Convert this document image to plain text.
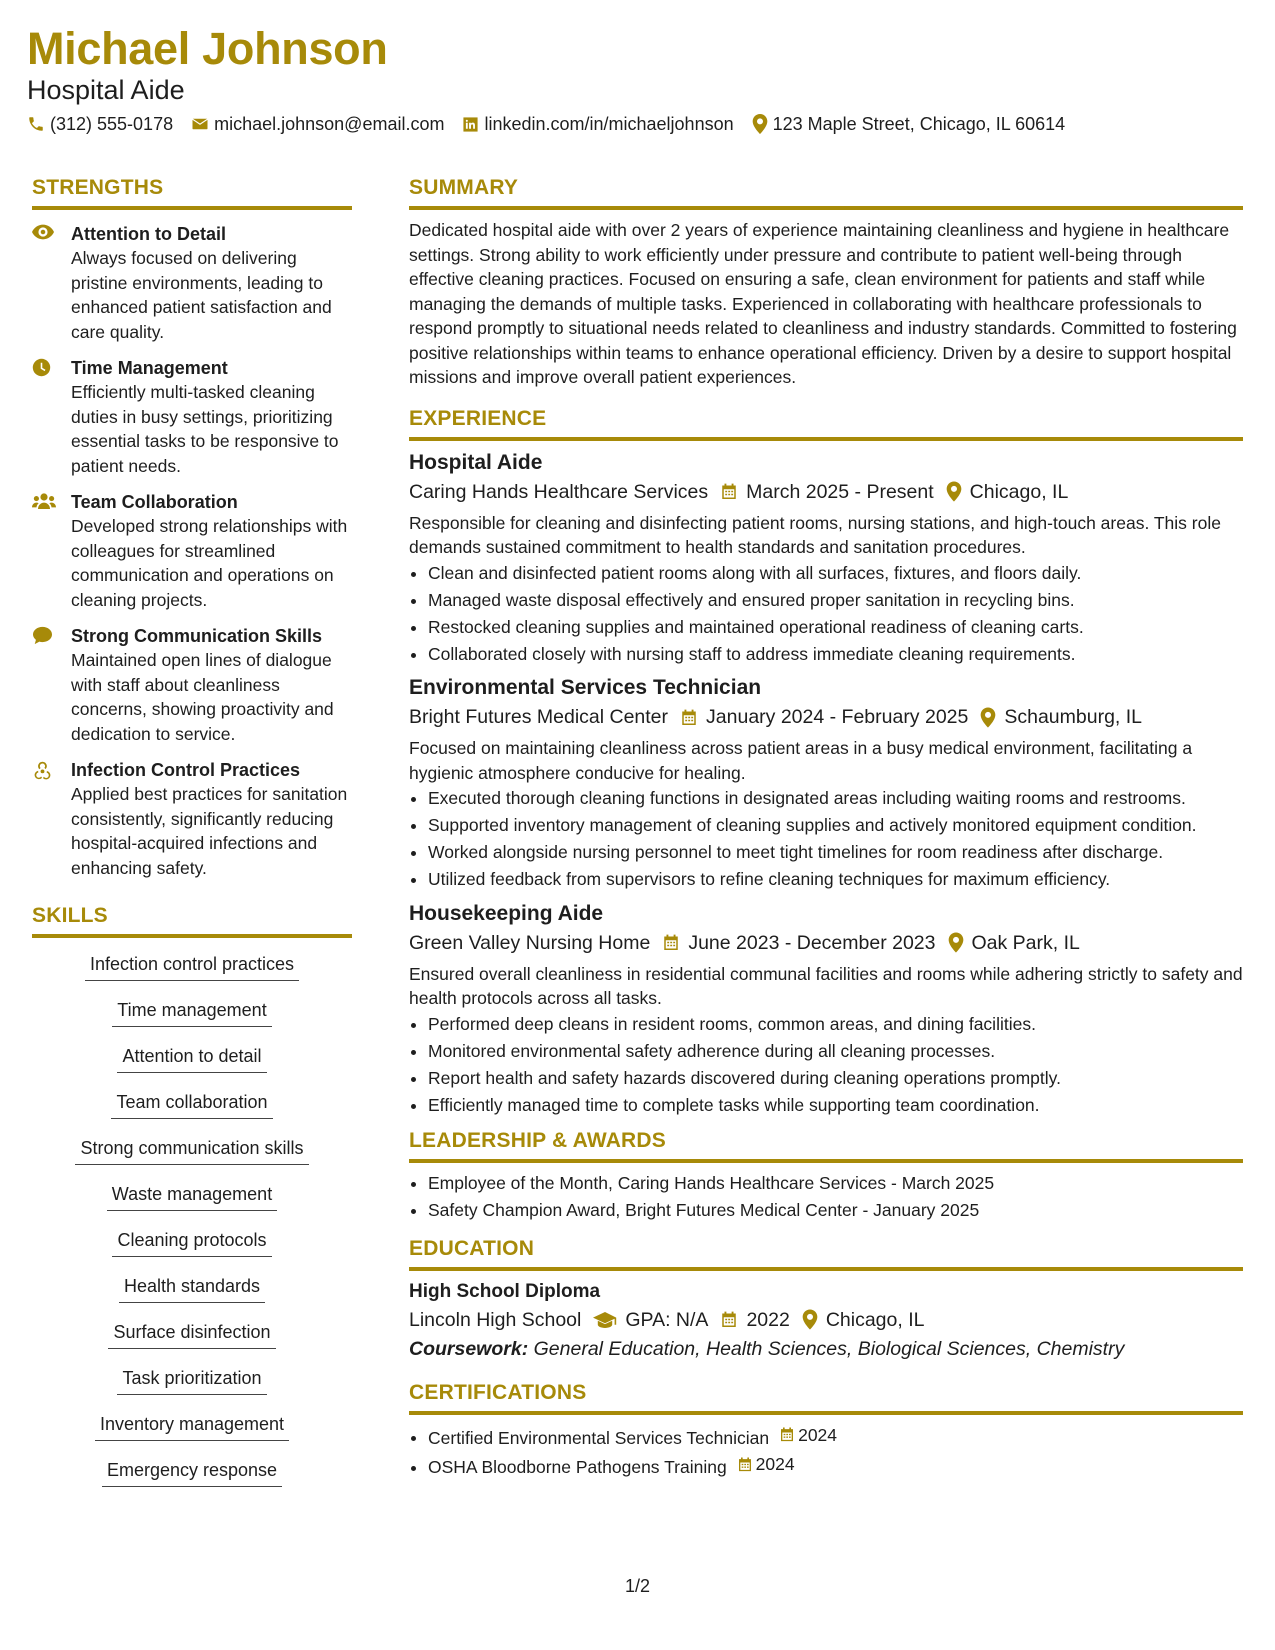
Michael Johnson
Hospital Aide
(312) 555-0178 michael.johnson@email.com linkedin.com/in/michaeljohnson 123 Maple Street, Chicago, IL 60614
STRENGTHS
Attention to Detail
Always focused on delivering pristine environments, leading to enhanced patient satisfaction and care quality.
Time Management
Efficiently multi-tasked cleaning duties in busy settings, prioritizing essential tasks to be responsive to patient needs.
Team Collaboration
Developed strong relationships with colleagues for streamlined communication and operations on cleaning projects.
Strong Communication Skills
Maintained open lines of dialogue with staff about cleanliness concerns, showing proactivity and dedication to service.
Infection Control Practices
Applied best practices for sanitation consistently, significantly reducing hospital-acquired infections and enhancing safety.
SKILLS
Infection control practices
Time management
Attention to detail
Team collaboration
Strong communication skills
Waste management
Cleaning protocols
Health standards
Surface disinfection
Task prioritization
Inventory management
Emergency response
SUMMARY
Dedicated hospital aide with over 2 years of experience maintaining cleanliness and hygiene in healthcare settings. Strong ability to work efficiently under pressure and contribute to patient well-being through effective cleaning practices. Focused on ensuring a safe, clean environment for patients and staff while managing the demands of multiple tasks. Experienced in collaborating with healthcare professionals to respond promptly to situational needs related to cleanliness and industry standards. Committed to fostering positive relationships within teams to enhance operational efficiency. Driven by a desire to support hospital missions and improve overall patient experiences.
EXPERIENCE
Hospital Aide
Caring Hands Healthcare Services March 2025 - Present Chicago, IL
Responsible for cleaning and disinfecting patient rooms, nursing stations, and high-touch areas. This role demands sustained commitment to health standards and sanitation procedures.
• Clean and disinfected patient rooms along with all surfaces, fixtures, and floors daily.
• Managed waste disposal effectively and ensured proper sanitation in recycling bins.
• Restocked cleaning supplies and maintained operational readiness of cleaning carts.
• Collaborated closely with nursing staff to address immediate cleaning requirements.
Environmental Services Technician
Bright Futures Medical Center January 2024 - February 2025 Schaumburg, IL
Focused on maintaining cleanliness across patient areas in a busy medical environment, facilitating a hygienic atmosphere conducive for healing.
• Executed thorough cleaning functions in designated areas including waiting rooms and restrooms.
• Supported inventory management of cleaning supplies and actively monitored equipment condition.
• Worked alongside nursing personnel to meet tight timelines for room readiness after discharge.
• Utilized feedback from supervisors to refine cleaning techniques for maximum efficiency.
Housekeeping Aide
Green Valley Nursing Home June 2023 - December 2023 Oak Park, IL
Ensured overall cleanliness in residential communal facilities and rooms while adhering strictly to safety and health protocols across all tasks.
• Performed deep cleans in resident rooms, common areas, and dining facilities.
• Monitored environmental safety adherence during all cleaning processes.
• Report health and safety hazards discovered during cleaning operations promptly.
• Efficiently managed time to complete tasks while supporting team coordination.
LEADERSHIP & AWARDS
• Employee of the Month, Caring Hands Healthcare Services - March 2025
• Safety Champion Award, Bright Futures Medical Center - January 2025
EDUCATION
High School Diploma
Lincoln High School GPA: N/A 2022 Chicago, IL
Coursework: General Education, Health Sciences, Biological Sciences, Chemistry
CERTIFICATIONS
• Certified Environmental Services Technician 2024
• OSHA Bloodborne Pathogens Training 2024
1/2
